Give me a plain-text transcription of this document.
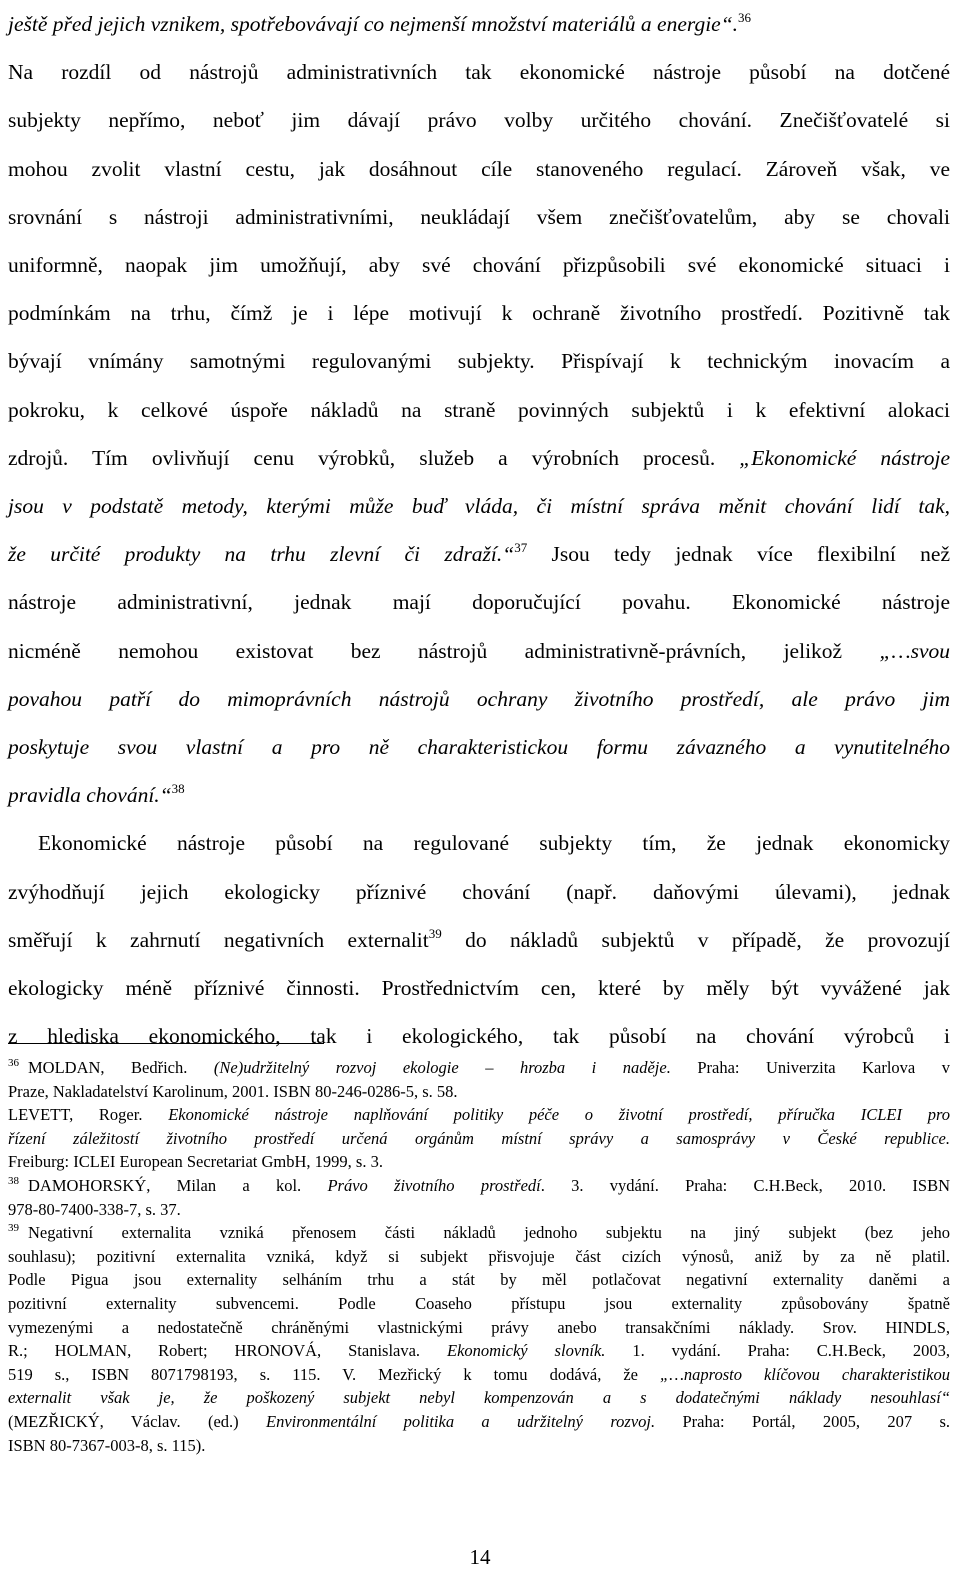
ještě před jejich vznikem, spotřebovávají co nejmenší množství materiálů a energie“.$^{36}$
Na rozdíl od nástrojů administrativních tak ekonomické nástroje působí na dotčené
subjekty nepřímo, neboť jim dávají právo volby určitého chování. Znečišťovatelé si
mohou zvolit vlastní cestu, jak dosáhnout cíle stanoveného regulací. Zároveň však, ve
srovnání s nástroji administrativními, neukládají všem znečišťovatelům, aby se chovali
uniformně, naopak jim umožňují, aby své chování přizpůsobili své ekonomické situaci i
podmínkám na trhu, čímž je i lépe motivují k ochraně životního prostředí. Pozitivně tak
bývají vnímány samotnými regulovanými subjekty. Přispívají k technickým inovacím a
pokroku, k celkové úspoře nákladů na straně povinných subjektů i k efektivní alokaci
zdrojů. Tím ovlivňují cenu výrobků, služeb a výrobních procesů. „Ekonomické nástroje
jsou v podstatě metody, kterými může buď vláda, či místní správa měnit chování lidí tak,
že určité produkty na trhu zlevní či zdraží.“$^{37}$ Jsou tedy jednak více flexibilní než
nástroje administrativní, jednak mají doporučující povahu. Ekonomické nástroje
nicméně nemohou existovat bez nástrojů administrativně-právních, jelikož „…svou
povahou patří do mimoprávních nástrojů ochrany životního prostředí, ale právo jim
poskytuje svou vlastní a pro ně charakteristickou formu závazného a vynutitelného
pravidla chování.“$^{38}$
Ekonomické nástroje působí na regulované subjekty tím, že jednak ekonomicky
zvýhodňují jejich ekologicky příznivé chování (např. daňovými úlevami), jednak
směřují k zahrnutí negativních externalit$^{39}$ do nákladů subjektů v případě, že provozují
ekologicky méně příznivé činnosti. Prostřednictvím cen, které by měly být vyvážené jak
z hlediska ekonomického, tak i ekologického, tak působí na chování výrobců i
$^{36}$ MOLDAN, Bedřich. (Ne)udržitelný rozvoj ekologie – hrozba i naděje. Praha: Univerzita Karlova v
Praze, Nakladatelství Karolinum, 2001. ISBN 80-246-0286-5, s. 58.
LEVETT, Roger. Ekonomické nástroje naplňování politiky péče o životní prostředí, příručka ICLEI pro
řízení záležitostí životního prostředí určená orgánům místní správy a samosprávy v České republice.
Freiburg: ICLEI European Secretariat GmbH, 1999, s. 3.
$^{38}$ DAMOHORSKÝ, Milan a kol. Právo životního prostředí. 3. vydání. Praha: C.H.Beck, 2010. ISBN
978-80-7400-338-7, s. 37.
$^{39}$ Negativní externalita vzniká přenosem části nákladů jednoho subjektu na jiný subjekt (bez jeho
souhlasu); pozitivní externalita vzniká, když si subjekt přisvojuje část cizích výnosů, aniž by za ně platil.
Podle Pigua jsou externality selháním trhu a stát by měl potlačovat negativní externality daněmi a
pozitivní externality subvencemi. Podle Coaseho přístupu jsou externality způsobovány špatně
vymezenými a nedostatečně chráněnými vlastnickými právy anebo transakčními náklady. Srov. HINDLS,
R.; HOLMAN, Robert; HRONOVÁ, Stanislava. Ekonomický slovník. 1. vydání. Praha: C.H.Beck, 2003,
519 s., ISBN 8071798193, s. 115. V. Mezřický k tomu dodává, že „…naprosto klíčovou charakteristikou
externalit však je, že poškozený subjekt nebyl kompenzován a s dodatečnými náklady nesouhlasí“
(MEZŘICKÝ, Václav. (ed.) Environmentální politika a udržitelný rozvoj. Praha: Portál, 2005, 207 s.
ISBN 80-7367-003-8, s. 115).
14
